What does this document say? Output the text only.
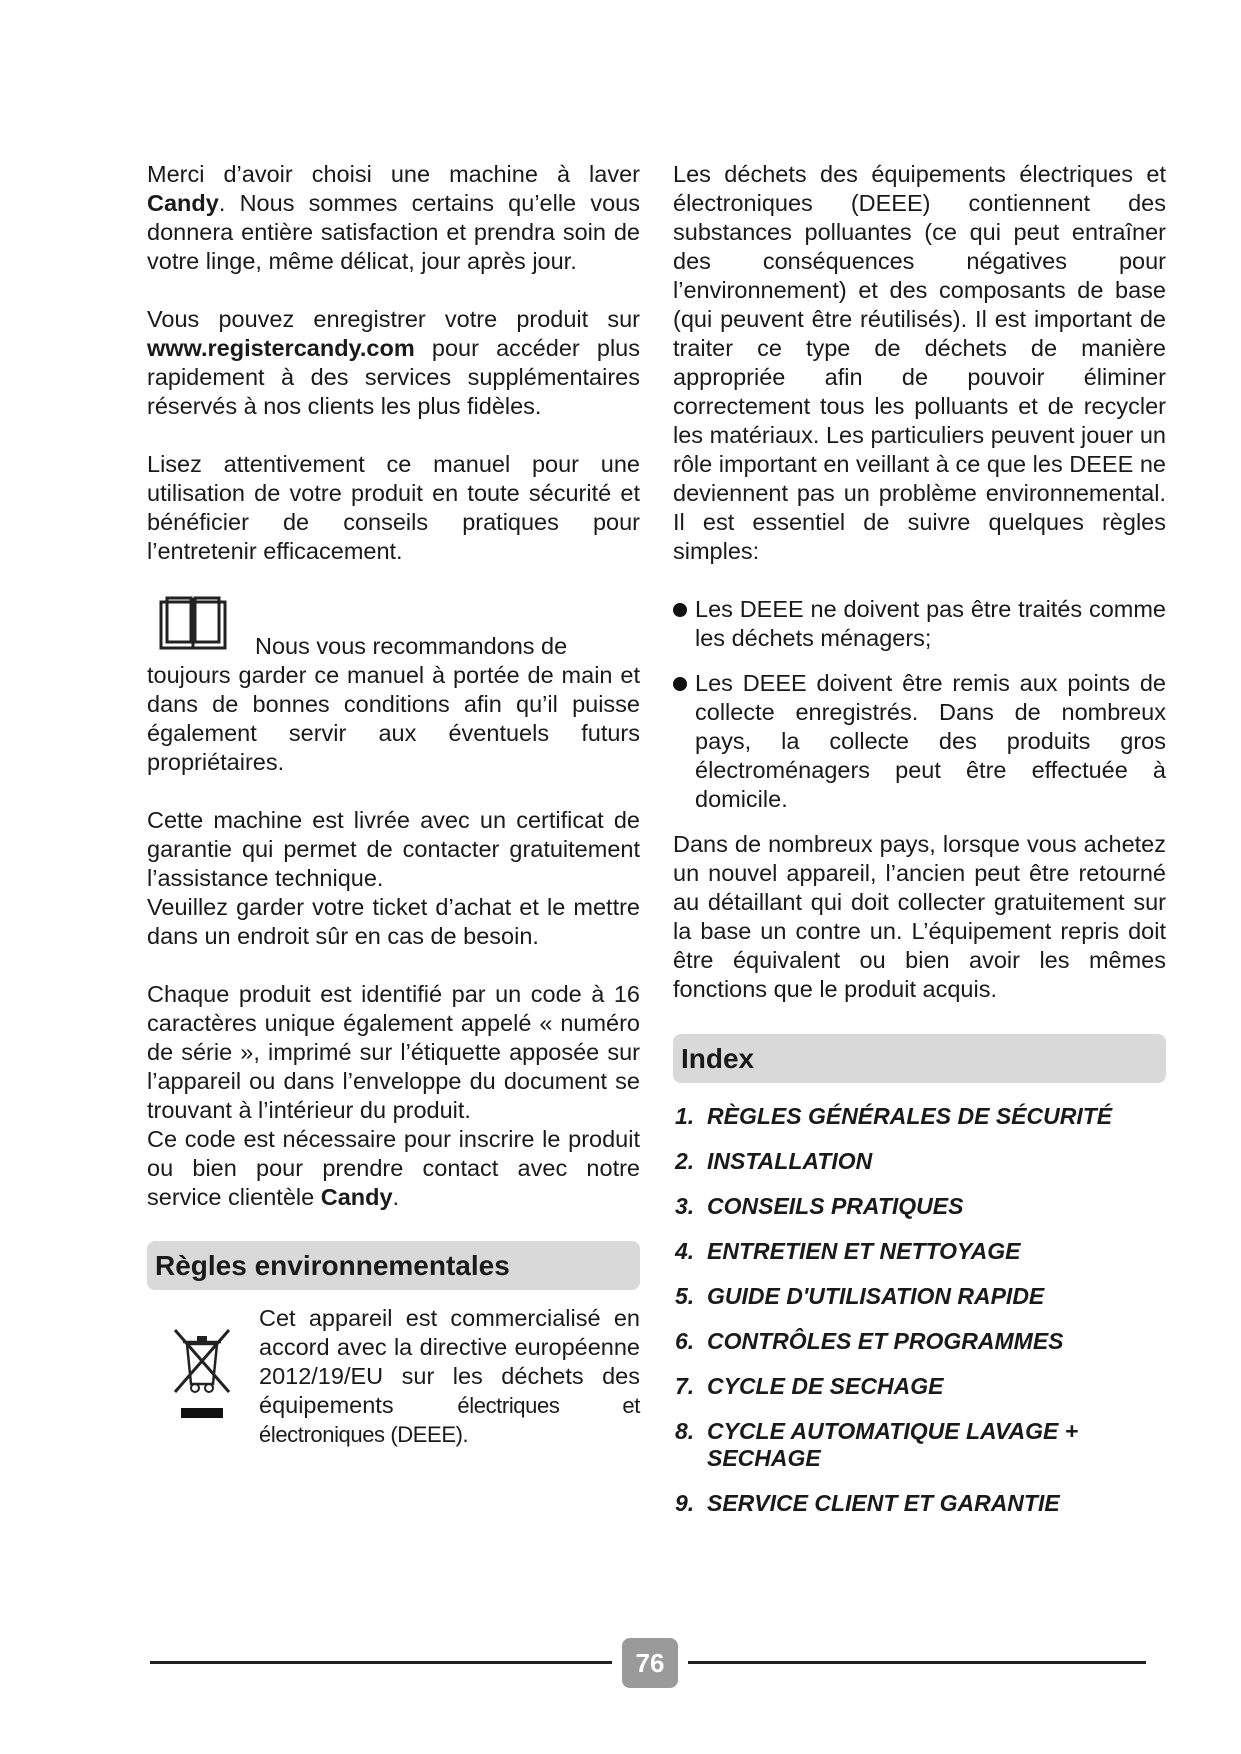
Merci d’avoir choisi une machine à laver Candy. Nous sommes certains qu’elle vous donnera entière satisfaction et prendra soin de votre linge, même délicat, jour après jour.

Vous pouvez enregistrer votre produit sur www.registercandy.com pour accéder plus rapidement à des services supplémentaires réservés à nos clients les plus fidèles.

Lisez attentivement ce manuel pour une utilisation de votre produit en toute sécurité et bénéficier de conseils pratiques pour l’entretenir efficacement.

Nous vous recommandons de

toujours garder ce manuel à portée de main et dans de bonnes conditions afin qu’il puisse également servir aux éventuels futurs propriétaires.

Cette machine est livrée avec un certificat de garantie qui permet de contacter gratuitement l’assistance technique.

Veuillez garder votre ticket d’achat et le mettre dans un endroit sûr en cas de besoin.

Chaque produit est identifié par un code à 16 caractères unique également appelé « numéro de série », imprimé sur l’étiquette apposée sur l’appareil ou dans l’enveloppe du document se trouvant à l’intérieur du produit.

Ce code est nécessaire pour inscrire le produit ou bien pour prendre contact avec notre service clientèle Candy.

Règles environnementales
Cet appareil est commercialisé en accord avec la directive européenne 2012/19/EU sur les déchets des équipements	électriques et électroniques (DEEE).

Les déchets des équipements électriques et électroniques (DEEE) contiennent des substances polluantes (ce qui peut entraîner des conséquences négatives pour l’environnement) et des composants de base (qui peuvent être réutilisés). Il est important de traiter ce type de déchets de manière appropriée afin de pouvoir éliminer correctement tous les polluants et de recycler les matériaux. Les particuliers peuvent jouer un rôle important en veillant à ce que les DEEE ne deviennent pas un problème environnemental. Il est essentiel de suivre quelques règles simples:

Les DEEE ne doivent pas être traités comme les déchets ménagers;
Les DEEE doivent être remis aux points de collecte enregistrés. Dans de nombreux pays, la collecte des produits gros électroménagers peut être effectuée à domicile.

Dans de nombreux pays, lorsque vous achetez un nouvel appareil, l’ancien peut être retourné au détaillant qui doit collecter gratuitement sur la base un contre un. L’équipement repris doit être équivalent ou bien avoir les mêmes fonctions que le produit acquis.

Index
1. RÈGLES GÉNÉRALES DE SÉCURITÉ
2. INSTALLATION
3. CONSEILS PRATIQUES
4. ENTRETIEN ET NETTOYAGE
5. GUIDE D'UTILISATION RAPIDE
6. CONTRÔLES ET PROGRAMMES
7. CYCLE DE SECHAGE
8. CYCLE AUTOMATIQUE LAVAGE + SECHAGE
9. SERVICE CLIENT ET GARANTIE
76
